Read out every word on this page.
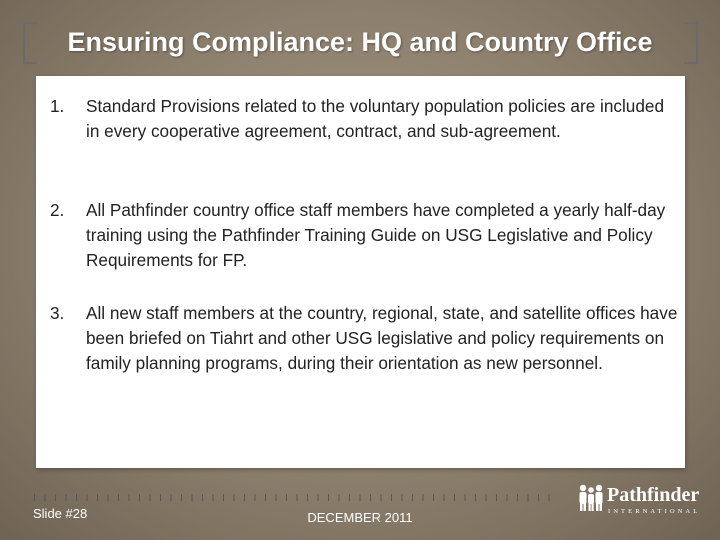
Ensuring Compliance: HQ and Country Office
1.	Standard Provisions related to the voluntary population policies are included in every cooperative agreement, contract, and sub-agreement.
2.	All Pathfinder country office staff members have completed a yearly half-day training using the Pathfinder Training Guide on USG Legislative and Policy Requirements for FP.
3.	All new staff members at the country, regional, state, and satellite offices have been briefed on Tiahrt and other USG legislative and policy requirements on family planning programs, during their orientation as new personnel.
Slide #28	DECEMBER 2011
Pathfinder
INTERNATIONAL
